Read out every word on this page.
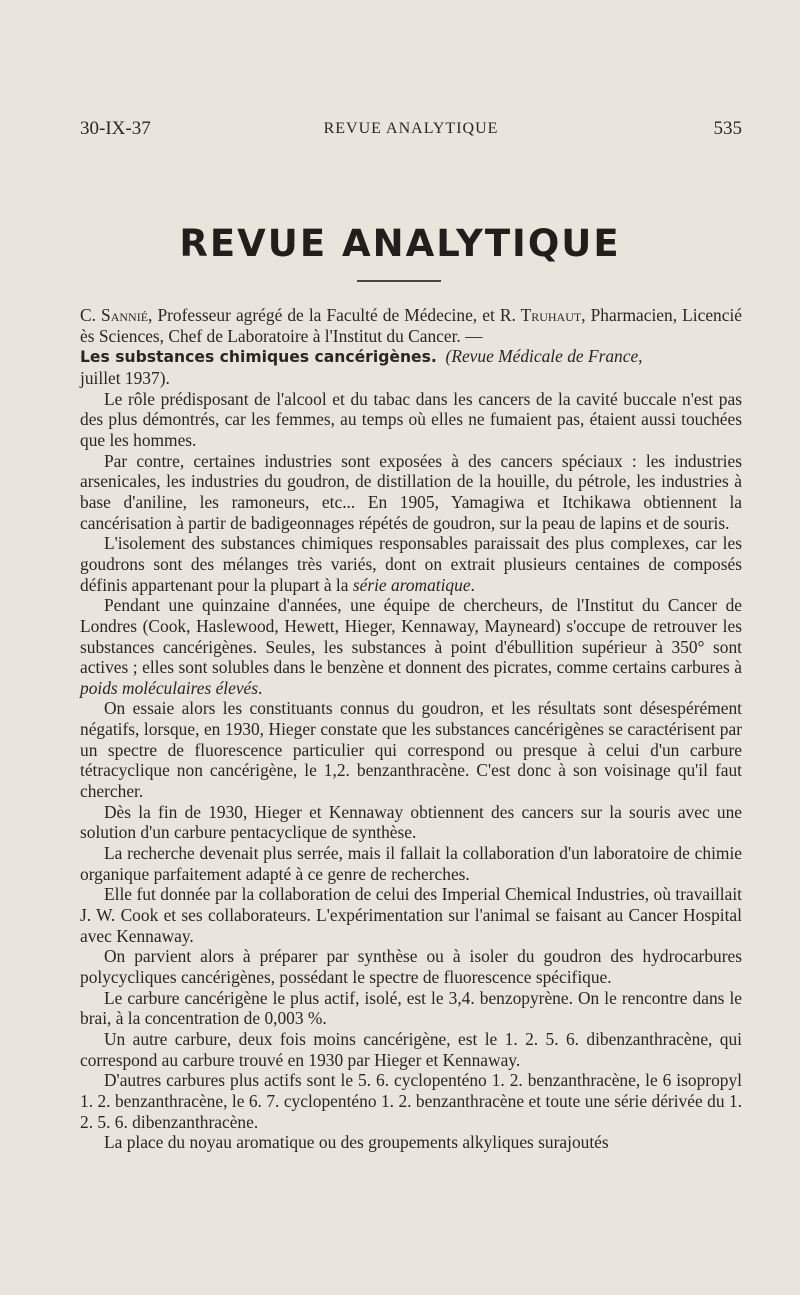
30-IX-37	REVUE ANALYTIQUE	535
REVUE ANALYTIQUE

C. Sannié, Professeur agrégé de la Faculté de Médecine, et R. Truhaut, Pharmacien, Licencié ès Sciences, Chef de Laboratoire à l'Institut du Cancer. —
Les substances chimiques cancérigènes. (Revue Médicale de France,
juillet 1937).

Le rôle prédisposant de l'alcool et du tabac dans les cancers de la cavité buccale n'est pas des plus démontrés, car les femmes, au temps où elles ne fumaient pas, étaient aussi touchées que les hommes.

Par contre, certaines industries sont exposées à des cancers spéciaux : les industries arsenicales, les industries du goudron, de distillation de la houille, du pétrole, les industries à base d'aniline, les ramoneurs, etc... En 1905, Yamagiwa et Itchikawa obtiennent la cancérisation à partir de badigeonnages répétés de goudron, sur la peau de lapins et de souris.

L'isolement des substances chimiques responsables paraissait des plus complexes, car les goudrons sont des mélanges très variés, dont on extrait plusieurs centaines de composés définis appartenant pour la plupart à la série aromatique.

Pendant une quinzaine d'années, une équipe de chercheurs, de l'Institut du Cancer de Londres (Cook, Haslewood, Hewett, Hieger, Kennaway, Mayneard) s'occupe de retrouver les substances cancérigènes. Seules, les substances à point d'ébullition supérieur à 350° sont actives ; elles sont solubles dans le benzène et donnent des picrates, comme certains carbures à poids moléculaires élevés.

On essaie alors les constituants connus du goudron, et les résultats sont désespérément négatifs, lorsque, en 1930, Hieger constate que les substances cancérigènes se caractérisent par un spectre de fluorescence particulier qui correspond ou presque à celui d'un carbure tétracyclique non cancérigène, le 1,2. benzanthracène. C'est donc à son voisinage qu'il faut chercher.

Dès la fin de 1930, Hieger et Kennaway obtiennent des cancers sur la souris avec une solution d'un carbure pentacyclique de synthèse.

La recherche devenait plus serrée, mais il fallait la collaboration d'un laboratoire de chimie organique parfaitement adapté à ce genre de recherches.

Elle fut donnée par la collaboration de celui des Imperial Chemical Industries, où travaillait J. W. Cook et ses collaborateurs. L'expérimentation sur l'animal se faisant au Cancer Hospital avec Kennaway.

On parvient alors à préparer par synthèse ou à isoler du goudron des hydrocarbures polycycliques cancérigènes, possédant le spectre de fluorescence spécifique.

Le carbure cancérigène le plus actif, isolé, est le 3,4. benzopyrène. On le rencontre dans le brai, à la concentration de 0,003 %.

Un autre carbure, deux fois moins cancérigène, est le 1. 2. 5. 6. dibenzanthracène, qui correspond au carbure trouvé en 1930 par Hieger et Kennaway.

D'autres carbures plus actifs sont le 5. 6. cyclopenténo 1. 2. benzanthracène, le 6 isopropyl 1. 2. benzanthracène, le 6. 7. cyclopenténo 1. 2. benzanthracène et toute une série dérivée du 1. 2. 5. 6. dibenzanthracène.

La place du noyau aromatique ou des groupements alkyliques surajoutés
